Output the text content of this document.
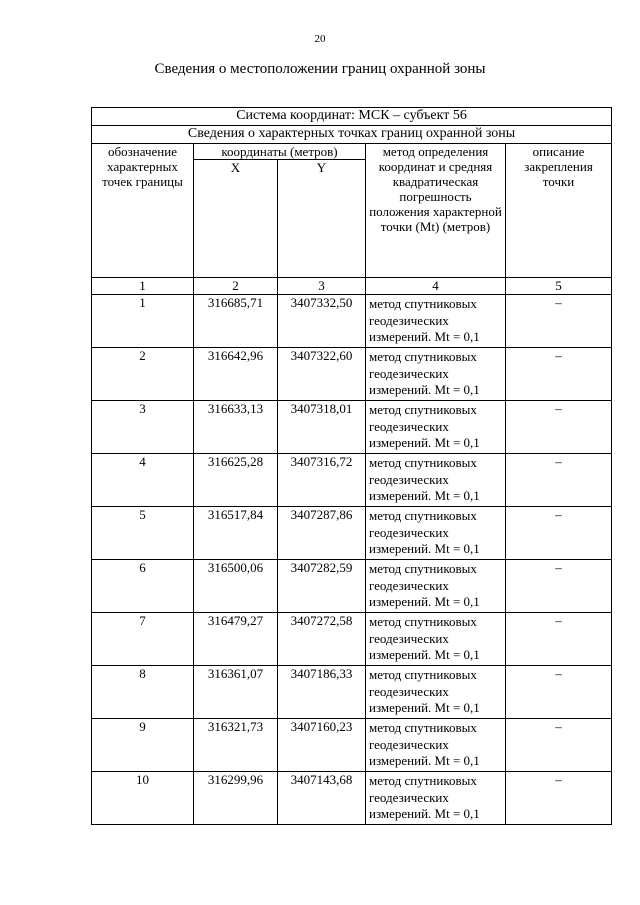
20
Сведения о местоположении границ охранной зоны
Система координат: МСК – субъект 56				
Сведения о характерных точках границ охранной зоны				
обозначение характерных точек границы	координаты (метров)		метод определения координат и средняя квадратическая погрешность положения характерной точки (Mt) (метров)	описание закрепления точки
	X	Y		
1	2	3	4	5
1	316685,71	3407332,50	метод спутниковых геодезических измерений. Mt = 0,1	–
2	316642,96	3407322,60	метод спутниковых геодезических измерений. Mt = 0,1	–
3	316633,13	3407318,01	метод спутниковых геодезических измерений. Mt = 0,1	–
4	316625,28	3407316,72	метод спутниковых геодезических измерений. Mt = 0,1	–
5	316517,84	3407287,86	метод спутниковых геодезических измерений. Mt = 0,1	–
6	316500,06	3407282,59	метод спутниковых геодезических измерений. Mt = 0,1	–
7	316479,27	3407272,58	метод спутниковых геодезических измерений. Mt = 0,1	–
8	316361,07	3407186,33	метод спутниковых геодезических измерений. Mt = 0,1	–
9	316321,73	3407160,23	метод спутниковых геодезических измерений. Mt = 0,1	–
10	316299,96	3407143,68	метод спутниковых геодезических измерений. Mt = 0,1	–
